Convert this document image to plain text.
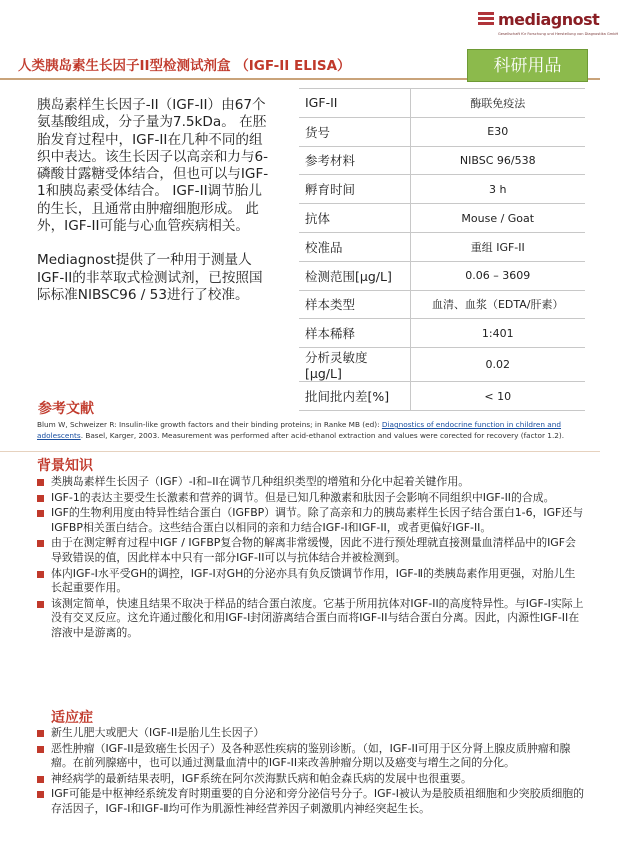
mediagnost
Gesellschaft für Forschung und Herstellung von Diagnostika GmbH
人类胰岛素生长因子II型检测试剂盒 （IGF-II ELISA）	科研用品

胰岛素样生长因子-II（IGF-II）由67个氨基酸组成，分子量为7.5kDa。 在胚胎发育过程中，IGF-II在几种不同的组织中表达。该生长因子以高亲和力与6-磷酸甘露糖受体结合，但也可以与IGF-1和胰岛素受体结合。 IGF-II调节胎儿的生长，且通常由肿瘤细胞形成。 此外，IGF-II可能与心血管疾病相关。

Mediagnost提供了一种用于测量人IGF-II的非萃取式检测试剂，已按照国际标准NIBSC96 / 53进行了校准。

IGF-II	酶联免疫法
货号	E30
参考材料	NIBSC 96/538
孵育时间	3 h
抗体	Mouse / Goat
校准品	重组 IGF-II
检测范围[µg/L]	0.06 – 3609
样本类型	血清、血浆（EDTA/肝素）
样本稀释	1:401
分析灵敏度[µg/L]	0.02
批间批内差[%]	< 10
参考文献
Blum W, Schweizer R: Insulin-like growth factors and their binding proteins; in Ranke MB (ed): Diagnostics of endocrine function in children and adolescents. Basel, Karger, 2003. Measurement was performed after acid-ethanol extraction and values were corected for recovery (factor 1.2).
背景知识
类胰岛素样生长因子（IGF）-I和–II在调节几种组织类型的增殖和分化中起着关键作用。
IGF-1的表达主要受生长激素和营养的调节。但是已知几种激素和肽因子会影响不同组织中IGF-II的合成。
IGF的生物利用度由特异性结合蛋白（IGFBP）调节。除了高亲和力的胰岛素样生长因子结合蛋白1-6，IGF还与IGFBP相关蛋白结合。这些结合蛋白以相同的亲和力结合IGF-I和IGF-II，或者更偏好IGF-II。
由于在测定孵育过程中IGF / IGFBP复合物的解离非常缓慢，因此不进行预处理就直接测量血清样品中的IGF会导致错误的值，因此样本中只有一部分IGF-II可以与抗体结合并被检测到。
体内IGF-Ⅰ水平受GH的调控，IGF-Ⅰ对GH的分泌亦具有负反馈调节作用，IGF-Ⅱ的类胰岛素作用更强，对胎儿生长起重要作用。
该测定简单，快速且结果不取决于样品的结合蛋白浓度。它基于所用抗体对IGF-II的高度特异性。与IGF-I实际上没有交叉反应。这允许通过酸化和用IGF-I封闭游离结合蛋白而将IGF-II与结合蛋白分离。因此，内源性IGF-II在溶液中是游离的。
适应症
新生儿肥大或肥大（IGF-II是胎儿生长因子）
恶性肿瘤（IGF-II是致癌生长因子）及各种恶性疾病的鉴别诊断。（如，IGF-II可用于区分肾上腺皮质肿瘤和腺瘤。在前列腺癌中，也可以通过测量血清中的IGF-II来改善肿瘤分期以及癌变与增生之间的分化。
神经病学的最新结果表明，IGF系统在阿尔茨海默氏病和帕金森氏病的发展中也很重要。
IGF可能是中枢神经系统发育时期重要的自分泌和旁分泌信号分子。IGF-Ⅰ被认为是胶质祖细胞和少突胶质细胞的存活因子，IGF-Ⅰ和IGF-Ⅱ均可作为肌源性神经营养因子刺激肌内神经突起生长。
